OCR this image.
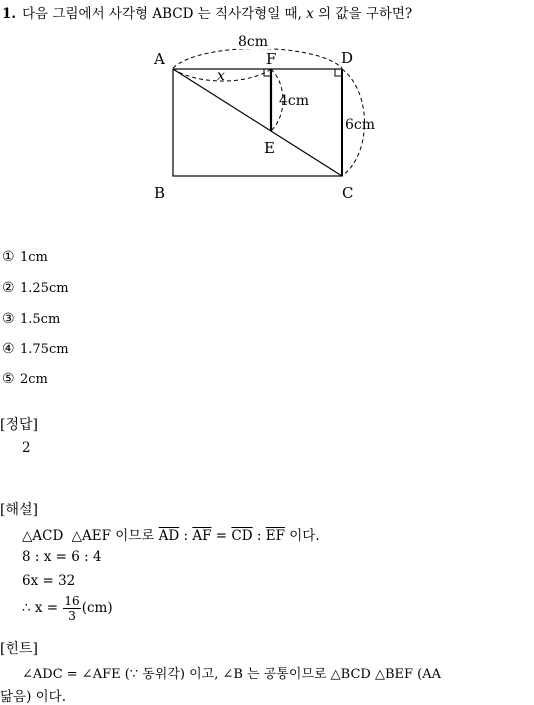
1. 다음 그림에서 사각형 ABCD 는 직사각형일 때, x 의 값을 구하면?
A
B	C
D
E
F
8cm
x
4cm
6cm
① 1cm
② 1.25cm
③ 1.5cm
④ 1.75cm
⑤ 2cm
[정답]
2
[해설]
△ACD △AEF 이므로 $\overline{AD}$ : $\overline{AF} = \overline{CD}$ : $\overline{EF}$ 이다.
8 : x = 6 : 4
6x = 32
∴ $x = \frac{16}{3} (cm)$
[힌트]
∠ADC = ∠AFE (∵ 동위각) 이고, ∠B 는 공통이므로 △BCD △BEF (AA
닮음) 이다.
